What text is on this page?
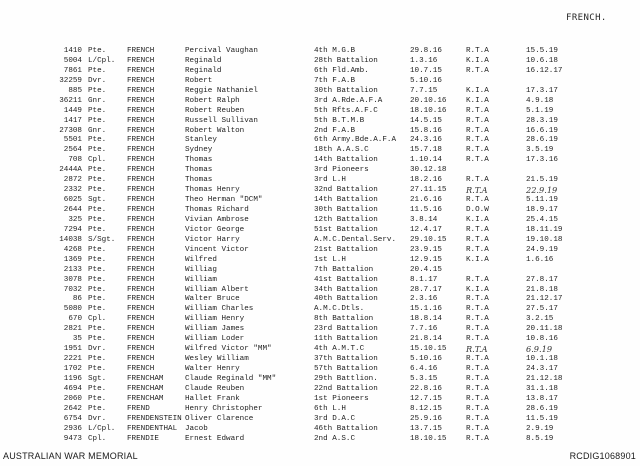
FRENCH.
1410 Pte.	FRENCH	Percival Vaughan	4th M.G.B	29.8.16	R.T.A	15.5.19
5004 L/Cpl. FRENCH	Reginald	28th Battalion	1.3.16	K.I.A	10.6.18
7861 Pte.	FRENCH	Reginald	6th Fld.Amb.	10.7.15	R.T.A	16.12.17
32259 Dvr.	FRENCH	Robert	7th F.A.B	5.10.16
885 Pte.	FRENCH	Reggie Nathaniel	30th Battalion	7.7.15	K.I.A	17.3.17
36211 Gnr.	FRENCH	Robert Ralph	3rd A.Rde.A.F.A	20.10.16	K.I.A	4.9.18
1449 Pte.	FRENCH	Robert Reuben	5th Rfts.A.F.C	18.10.16	R.T.A	5.1.19
1417 Pte.	FRENCH	Russell Sullivan	5th B.T.M.B	14.5.15	R.T.A	28.3.19
27308 Gnr.	FRENCH	Robert Walton	2nd F.A.B	15.8.16	R.T.A	16.6.19
5501 Pte.	FRENCH	Stanley	6th Army.Bde.A.F.A 24.3.16	R.T.A	28.6.19
2564 Pte.	FRENCH	Sydney	18th A.A.S.C	15.7.18	R.T.A	3.5.19
708 Cpl.	FRENCH	Thomas	14th Battalion	1.10.14	R.T.A	17.3.16
2444A Pte.	FRENCH	Thomas	3rd Pioneers	30.12.18
2872 Pte.	FRENCH	Thomas	3rd L.H	18.2.16	R.T.A	21.5.19
2332 Pte.	FRENCH	Thomas Henry	32nd Battalion	27.11.15 R.T.A	22.9.19
6025 Sgt.	FRENCH	Theo Herman "DCM"	14th Battalion	21.6.16	R.T.A	5.11.19
2644 Pte.	FRENCH	Thomas Richard	30th Battalion	11.5.16	D.O.W	18.9.17
325 Pte.	FRENCH	Vivian Ambrose	12th Battalion	3.8.14	K.I.A	25.4.15
7294 Pte.	FRENCH	Victor George	51st Battalion	12.4.17	R.T.A	18.11.19
14038 S/Sgt. FRENCH	Victor Harry	A.M.C.Dental.Serv. 29.10.15	R.T.A	19.10.18
4268 Pte.	FRENCH	Vincent Victor	21st Battalion	23.9.15	R.T.A	24.9.19
1369 Pte.	FRENCH	Wilfred	1st L.H	12.9.15	K.I.A	1.6.16
2133 Pte.	FRENCH	Williag	7th Battalion	20.4.15
3078 Pte.	FRENCH	William	41st Battalion	8.1.17	R.T.A	27.8.17
7032 Pte.	FRENCH	William Albert	34th Battalion	28.7.17	K.I.A	21.8.18
86 Pte.	FRENCH	Walter Bruce	40th Battalion	2.3.16	R.T.A	21.12.17
5080 Pte.	FRENCH	William Charles	A.M.C.Dtls.	15.1.16	R.T.A	27.5.17
670 Cpl.	FRENCH	William Henry	8th Battalion	18.8.14	R.T.A	3.2.15
2821 Pte.	FRENCH	William James	23rd Battalion	7.7.16	R.T.A	20.11.18
35 Pte.	FRENCH	William Loder	11th Battalion	21.8.14	R.T.A	10.8.16
1951 Dvr.	FRENCH	Wilfred Victor "MM"	4th A.M.T.C	15.10.15 R.T.A	6.9.19
2221 Pte.	FRENCH	Wesley William	37th Battalion	5.10.16	R.T.A	10.1.18
1702 Pte.	FRENCH	Walter Henry	57th Battalion	6.4.16	R.T.A	24.3.17
1196 Sgt.	FRENCHAM	Claude Reginald "MM"	29th Battlion.	5.3.15	R.T.A	21.12.18
4694 Pte.	FRENCHAM	Claude Reuben	22nd Battalion	22.8.16	R.T.A	31.1.18
2060 Pte.	FRENCHAM	Hallet Frank	1st Pioneers	12.7.15	R.T.A	13.8.17
2642 Pte.	FREND	Henry Christopher	6th L.H	8.12.15	R.T.A	28.6.19
6754 Dvr.	FRENDENSTEIN Oliver Clarence	3rd D.A.C	25.9.16	R.T.A	11.5.19
2936 L/Cpl. FRENDENTHAL Jacob	46th Battalion	13.7.15	R.T.A	2.9.19
9473 Cpl.	FRENDIE	Ernest Edward	2nd A.S.C	18.10.15	R.T.A	8.5.19
AUSTRALIAN WAR MEMORIAL	RCDIG1068901
